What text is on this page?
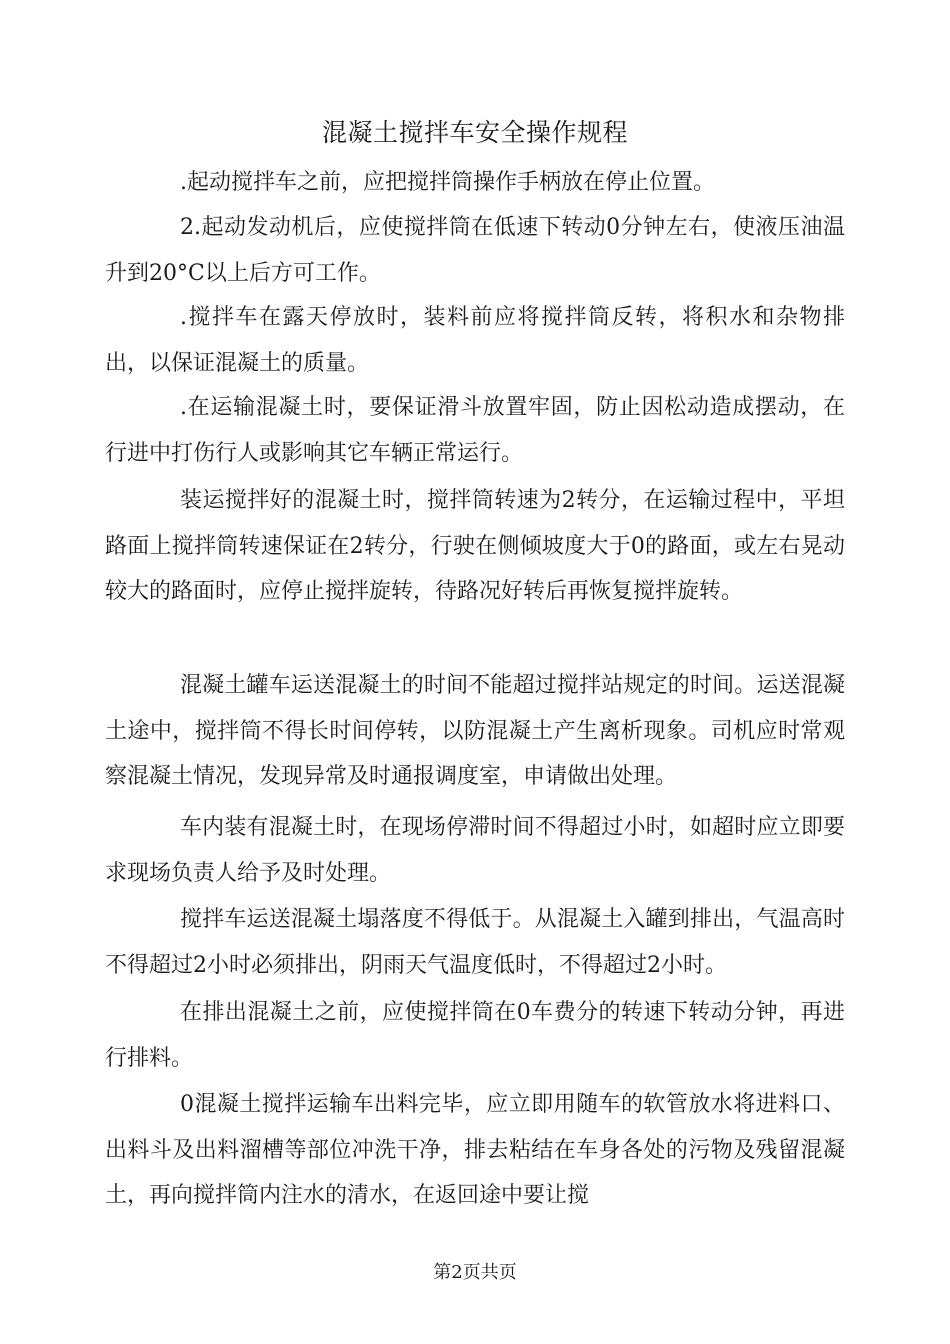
混凝土搅拌车安全操作规程

.起动搅拌车之前，应把搅拌筒操作手柄放在停止位置。

2.起动发动机后，应使搅拌筒在低速下转动0分钟左右，使液压油温升到20°C以上后方可工作。

.搅拌车在露天停放时，装料前应将搅拌筒反转，将积水和杂物排出，以保证混凝土的质量。

.在运输混凝土时，要保证滑斗放置牢固，防止因松动造成摆动，在行进中打伤行人或影响其它车辆正常运行。

装运搅拌好的混凝土时，搅拌筒转速为2转分，在运输过程中，平坦路面上搅拌筒转速保证在2转分，行驶在侧倾坡度大于0的路面，或左右晃动较大的路面时，应停止搅拌旋转，待路况好转后再恢复搅拌旋转。

混凝土罐车运送混凝土的时间不能超过搅拌站规定的时间。运送混凝土途中，搅拌筒不得长时间停转，以防混凝土产生离析现象。司机应时常观察混凝土情况，发现异常及时通报调度室，申请做出处理。

车内装有混凝土时，在现场停滞时间不得超过小时，如超时应立即要求现场负责人给予及时处理。

搅拌车运送混凝土塌落度不得低于。从混凝土入罐到排出，气温高时不得超过2小时必须排出，阴雨天气温度低时，不得超过2小时。

在排出混凝土之前，应使搅拌筒在0车费分的转速下转动分钟，再进行排料。

0混凝土搅拌运输车出料完毕，应立即用随车的软管放水将进料口、出料斗及出料溜槽等部位冲洗干净，排去粘结在车身各处的污物及残留混凝土，再向搅拌筒内注水的清水，在返回途中要让搅

第2页共页
